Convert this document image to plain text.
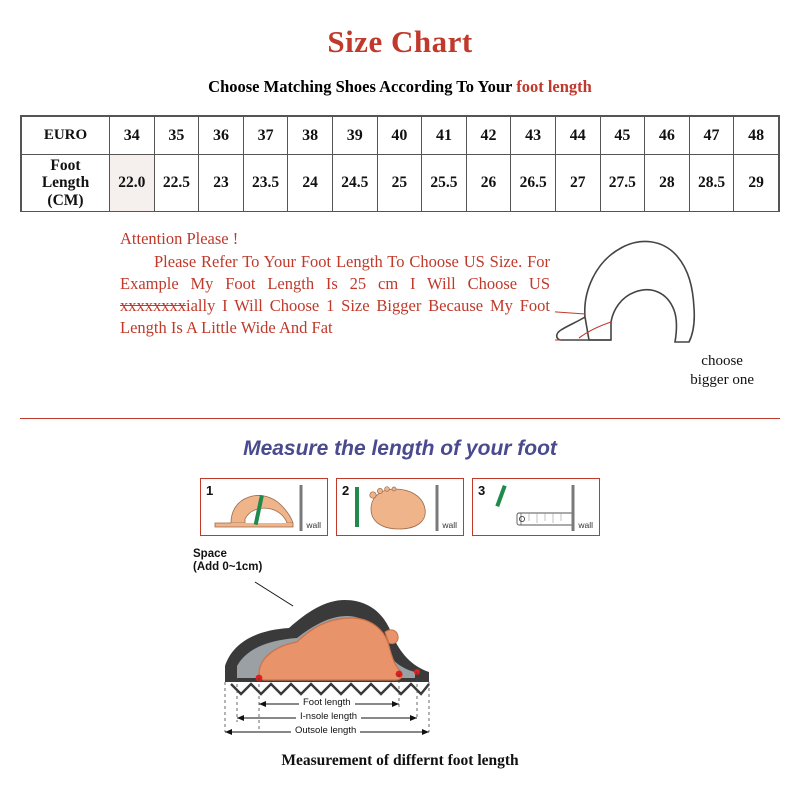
Size Chart
Choose Matching Shoes According To Your foot length
EURO	34	35	36	37	38	39	40	41	42	43	44	45	46	47	48
Foot
Length
(CM)	22.0	22.5	23	23.5	24	24.5	25	25.5	26	26.5	27	27.5	28	28.5	29
Attention Please !
Please Refer To Your Foot Length To Choose US Size. For Example My Foot Length Is 25 cm I Will Choose US xxxxxxxxially I Will Choose 1 Size Bigger Because My Foot Length Is A Little Wide And Fat
choose
bigger one
Measure the length of your foot
1
wall
2
wall
3
wall
Space
(Add 0~1cm)
Foot length
I-nsole length
Outsole length
Measurement of differnt foot length
